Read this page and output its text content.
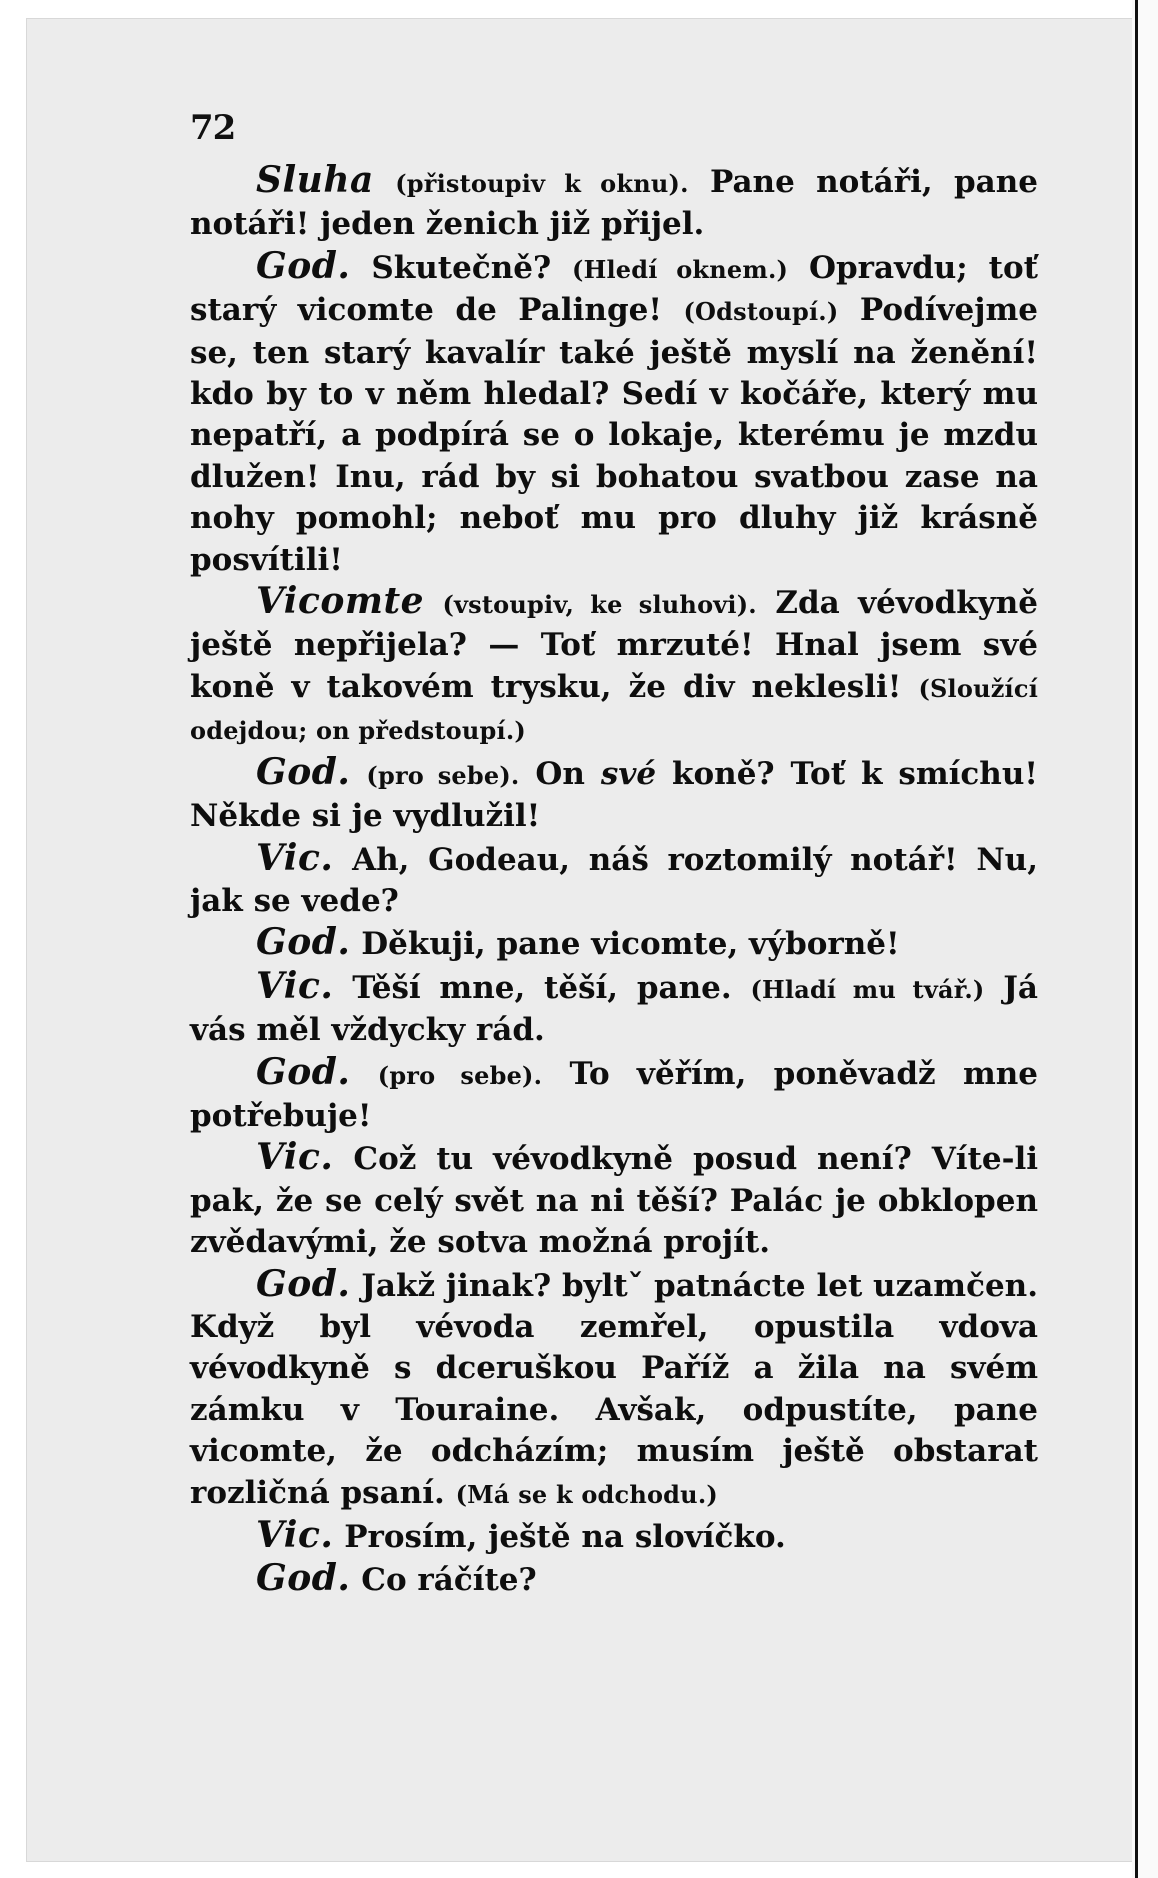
72

Sluha (přistoupiv k oknu). Pane notáři, pane notáři! jeden ženich již přijel.

God. Skutečně? (Hledí oknem.) Opravdu; toť starý vicomte de Palinge! (Odstoupí.) Podívejme se, ten starý kavalír také ještě myslí na ženění! kdo by to v něm hledal? Sedí v kočáře, který mu nepatří, a podpírá se o lokaje, kterému je mzdu dlužen! Inu, rád by si bohatou svatbou zase na nohy pomohl; neboť mu pro dluhy již krásně posvítili!

Vicomte (vstoupiv, ke sluhovi). Zda vévodkyně ještě nepřijela? — Toť mrzuté! Hnal jsem své koně v takovém trysku, že div neklesli! (Sloužící odejdou; on předstoupí.)

God. (pro sebe). On své koně? Toť k smíchu! Někde si je vydlužil!

Vic. Ah, Godeau, náš roztomilý notář! Nu, jak se vede?

God. Děkuji, pane vicomte, výborně!

Vic. Těší mne, těší, pane. (Hladí mu tvář.) Já vás měl vždycky rád.

God. (pro sebe). To věřím, poněvadž mne potřebuje!

Vic. Což tu vévodkyně posud není? Víte-li pak, že se celý svět na ni těší? Palác je obklopen zvědavými, že sotva možná projít.

God. Jakž jinak? byltˇ patnácte let uzamčen. Když byl vévoda zemřel, opustila vdova vévodkyně s dceruškou Paříž a žila na svém zámku v Touraine. Avšak, odpustíte, pane vicomte, že odcházím; musím ještě obstarat rozličná psaní. (Má se k odchodu.)

Vic. Prosím, ještě na slovíčko.

God. Co ráčíte?
